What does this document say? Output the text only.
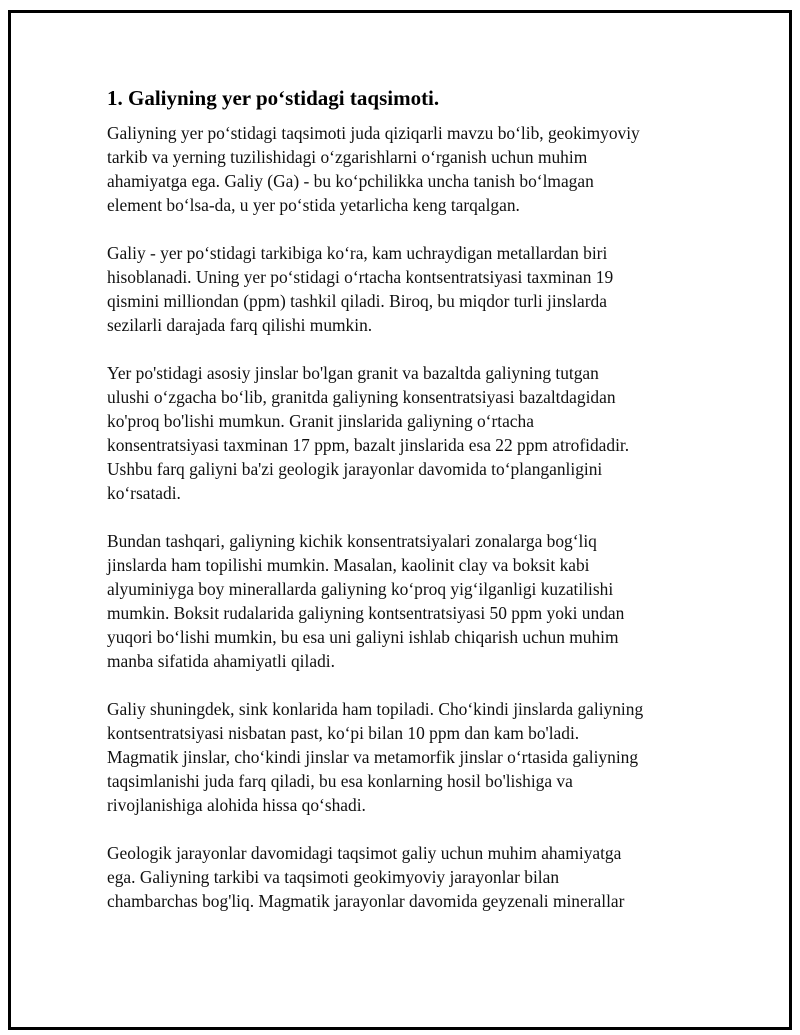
1. Galiyning yer po‘stidagi taqsimoti.

Galiyning yer po‘stidagi taqsimoti juda qiziqarli mavzu bo‘lib, geokimyoviy
tarkib va yerning tuzilishidagi o‘zgarishlarni o‘rganish uchun muhim
ahamiyatga ega. Galiy (Ga) - bu ko‘pchilikka uncha tanish bo‘lmagan
element bo‘lsa-da, u yer po‘stida yetarlicha keng tarqalgan.

Galiy - yer po‘stidagi tarkibiga ko‘ra, kam uchraydigan metallardan biri
hisoblanadi. Uning yer po‘stidagi o‘rtacha kontsentratsiyasi taxminan 19
qismini milliondan (ppm) tashkil qiladi. Biroq, bu miqdor turli jinslarda
sezilarli darajada farq qilishi mumkin.

Yer po'stidagi asosiy jinslar bo'lgan granit va bazaltda galiyning tutgan
ulushi o‘zgacha bo‘lib, granitda galiyning konsentratsiyasi bazaltdagidan
ko'proq bo'lishi mumkun. Granit jinslarida galiyning o‘rtacha
konsentratsiyasi taxminan 17 ppm, bazalt jinslarida esa 22 ppm atrofidadir.
Ushbu farq galiyni ba'zi geologik jarayonlar davomida to‘planganligini
ko‘rsatadi.

Bundan tashqari, galiyning kichik konsentratsiyalari zonalarga bog‘liq
jinslarda ham topilishi mumkin. Masalan, kaolinit clay va boksit kabi
alyuminiyga boy minerallarda galiyning ko‘proq yig‘ilganligi kuzatilishi
mumkin. Boksit rudalarida galiyning kontsentratsiyasi 50 ppm yoki undan
yuqori bo‘lishi mumkin, bu esa uni galiyni ishlab chiqarish uchun muhim
manba sifatida ahamiyatli qiladi.

Galiy shuningdek, sink konlarida ham topiladi. Cho‘kindi jinslarda galiyning
kontsentratsiyasi nisbatan past, ko‘pi bilan 10 ppm dan kam bo'ladi.
Magmatik jinslar, cho‘kindi jinslar va metamorfik jinslar o‘rtasida galiyning
taqsimlanishi juda farq qiladi, bu esa konlarning hosil bo'lishiga va
rivojlanishiga alohida hissa qo‘shadi.

Geologik jarayonlar davomidagi taqsimot galiy uchun muhim ahamiyatga
ega. Galiyning tarkibi va taqsimoti geokimyoviy jarayonlar bilan
chambarchas bog'liq. Magmatik jarayonlar davomida geyzenali minerallar
